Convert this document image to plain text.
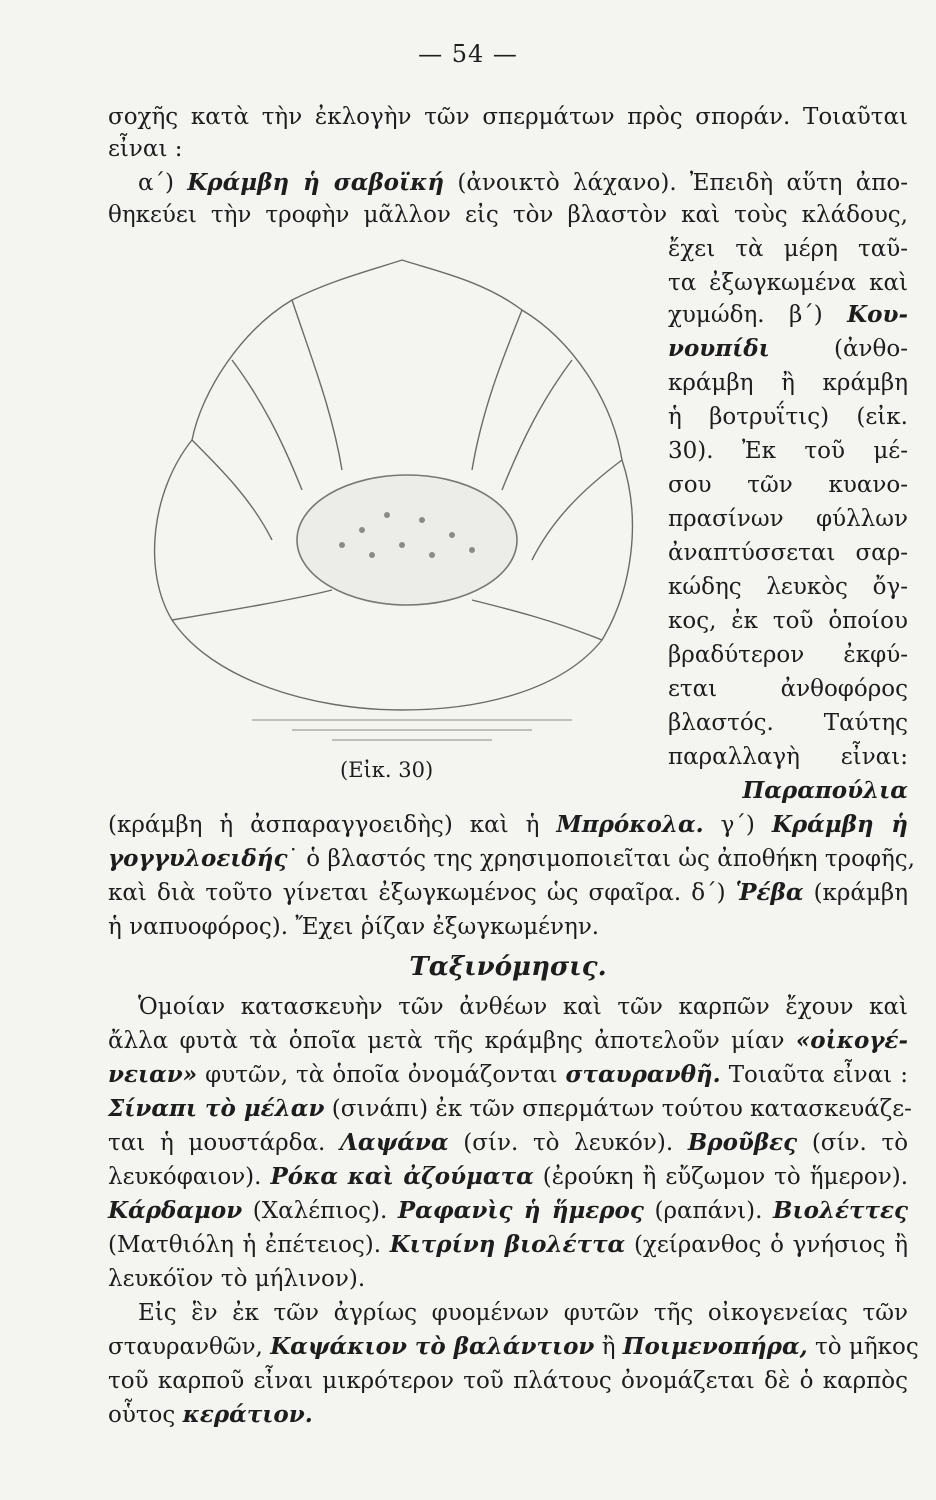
— 54 —
σοχῆς κατὰ τὴν ἐκλογὴν τῶν σπερμάτων πρὸς σποράν. Τοιαῦται
εἶναι :
α΄) Κράμβη ἡ σαβοϊκή (ἀνοικτὸ λάχανο). Ἐπειδὴ αὕτη ἀπο-
θηκεύει τὴν τροφὴν μᾶλλον εἰς τὸν βλαστὸν καὶ τοὺς κλάδους,
ἔχει τὰ μέρη ταῦ-
τα ἐξωγκωμένα καὶ
χυμώδη. β΄) Κου-
νουπίδι	(ἀνθο-
κράμβη ἢ κράμβη
ἡ βοτρυΐτις) (εἰκ.
30). Ἐκ τοῦ μέ-
σου τῶν κυανο-
πρασίνων φύλλων
ἀναπτύσσεται σαρ-
κώδης λευκὸς ὄγ-
κος, ἐκ τοῦ ὁποίου
βραδύτερον ἐκφύ-
εται ἀνθοφόρος
βλαστός. Ταύτης
παραλλαγὴ εἶναι:
Παραπούλια
(Εἰκ. 30)
(κράμβη ἡ ἀσπαραγγοειδὴς) καὶ ἡ Μπρόκολα. γ΄) Κράμβη ἡ
γογγυλοειδής˙ ὁ βλαστός της χρησιμοποιεῖται ὡς ἀποθήκη τροφῆς,
καὶ διὰ τοῦτο γίνεται ἐξωγκωμένος ὡς σφαῖρα. δ΄) Ῥέβα (κράμβη
ἡ ναπυοφόρος). Ἔχει ῥίζαν ἐξωγκωμένην.
Ταξινόμησις.
Ὁμοίαν κατασκευὴν τῶν ἀνθέων καὶ τῶν καρπῶν ἔχουν καὶ
ἄλλα φυτὰ τὰ ὁποῖα μετὰ τῆς κράμβης ἀποτελοῦν μίαν «οἰκογέ-
νειαν» φυτῶν, τὰ ὁποῖα ὀνομάζονται σταυρανθῆ. Τοιαῦτα εἶναι :
Σίναπι τὸ μέλαν (σινάπι) ἐκ τῶν σπερμάτων τούτου κατασκευάζε-
ται ἡ μουστάρδα. Λαψάνα (σίν. τὸ λευκόν). Βροῦβες (σίν. τὸ
λευκόφαιον). Ρόκα καὶ ἀζούματα (ἐρούκη ἢ εὔζωμον τὸ ἥμερον).
Κάρδαμον (Χαλέπιος). Ραφανὶς ἡ ἥμερος (ραπάνι). Βιολέττες
(Ματθιόλη ἡ ἐπέτειος). Κιτρίνη βιολέττα (χείρανθος ὁ γνήσιος ἢ
λευκόϊον τὸ μήλινον).
Εἰς ἓν ἐκ τῶν ἀγρίως φυομένων φυτῶν τῆς οἰκογενείας τῶν
σταυρανθῶν, Καψάκιον τὸ βαλάντιον ἢ Ποιμενοπήρα, τὸ μῆκος
τοῦ καρποῦ εἶναι μικρότερον τοῦ πλάτους ὀνομάζεται δὲ ὁ καρπὸς
οὗτος κεράτιον.
